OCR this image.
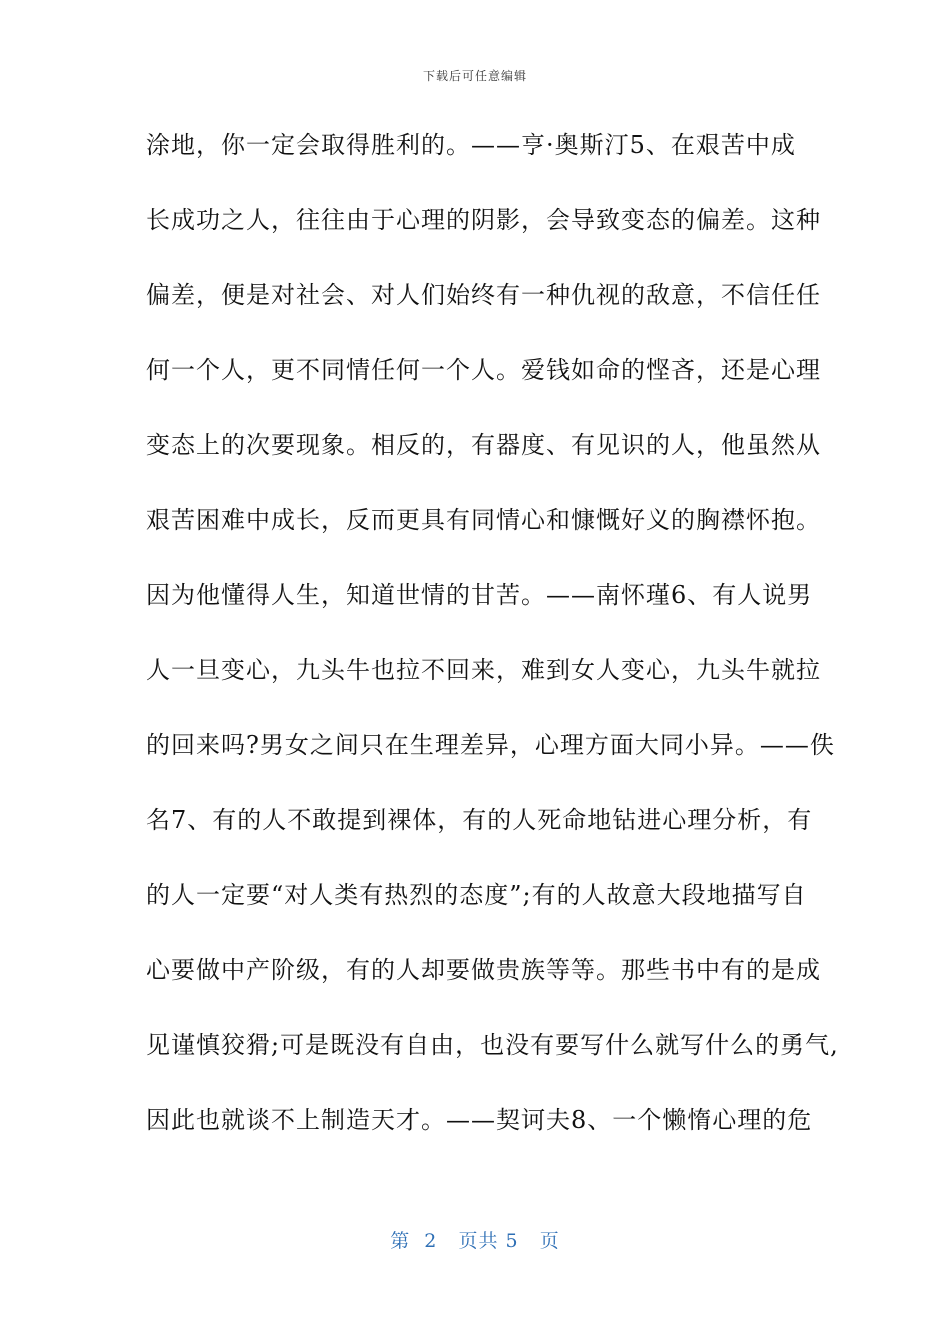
下载后可任意编辑
涂地，你一定会取得胜利的。——亨·奥斯汀5、在艰苦中成
长成功之人，往往由于心理的阴影，会导致变态的偏差。这种
偏差，便是对社会、对人们始终有一种仇视的敌意，不信任任
何一个人，更不同情任何一个人。爱钱如命的悭吝，还是心理
变态上的次要现象。相反的，有器度、有见识的人，他虽然从
艰苦困难中成长，反而更具有同情心和慷慨好义的胸襟怀抱。
因为他懂得人生，知道世情的甘苦。——南怀瑾6、有人说男
人一旦变心，九头牛也拉不回来，难到女人变心，九头牛就拉
的回来吗?男女之间只在生理差异，心理方面大同小异。——佚
名7、有的人不敢提到裸体，有的人死命地钻进心理分析，有
的人一定要“对人类有热烈的态度”;有的人故意大段地描写自
心要做中产阶级，有的人却要做贵族等等。那些书中有的是成
见谨慎狡猾;可是既没有自由，也没有要写什么就写什么的勇气,
因此也就谈不上制造天才。——契诃夫8、一个懒惰心理的危
第  2   页共 5   页
